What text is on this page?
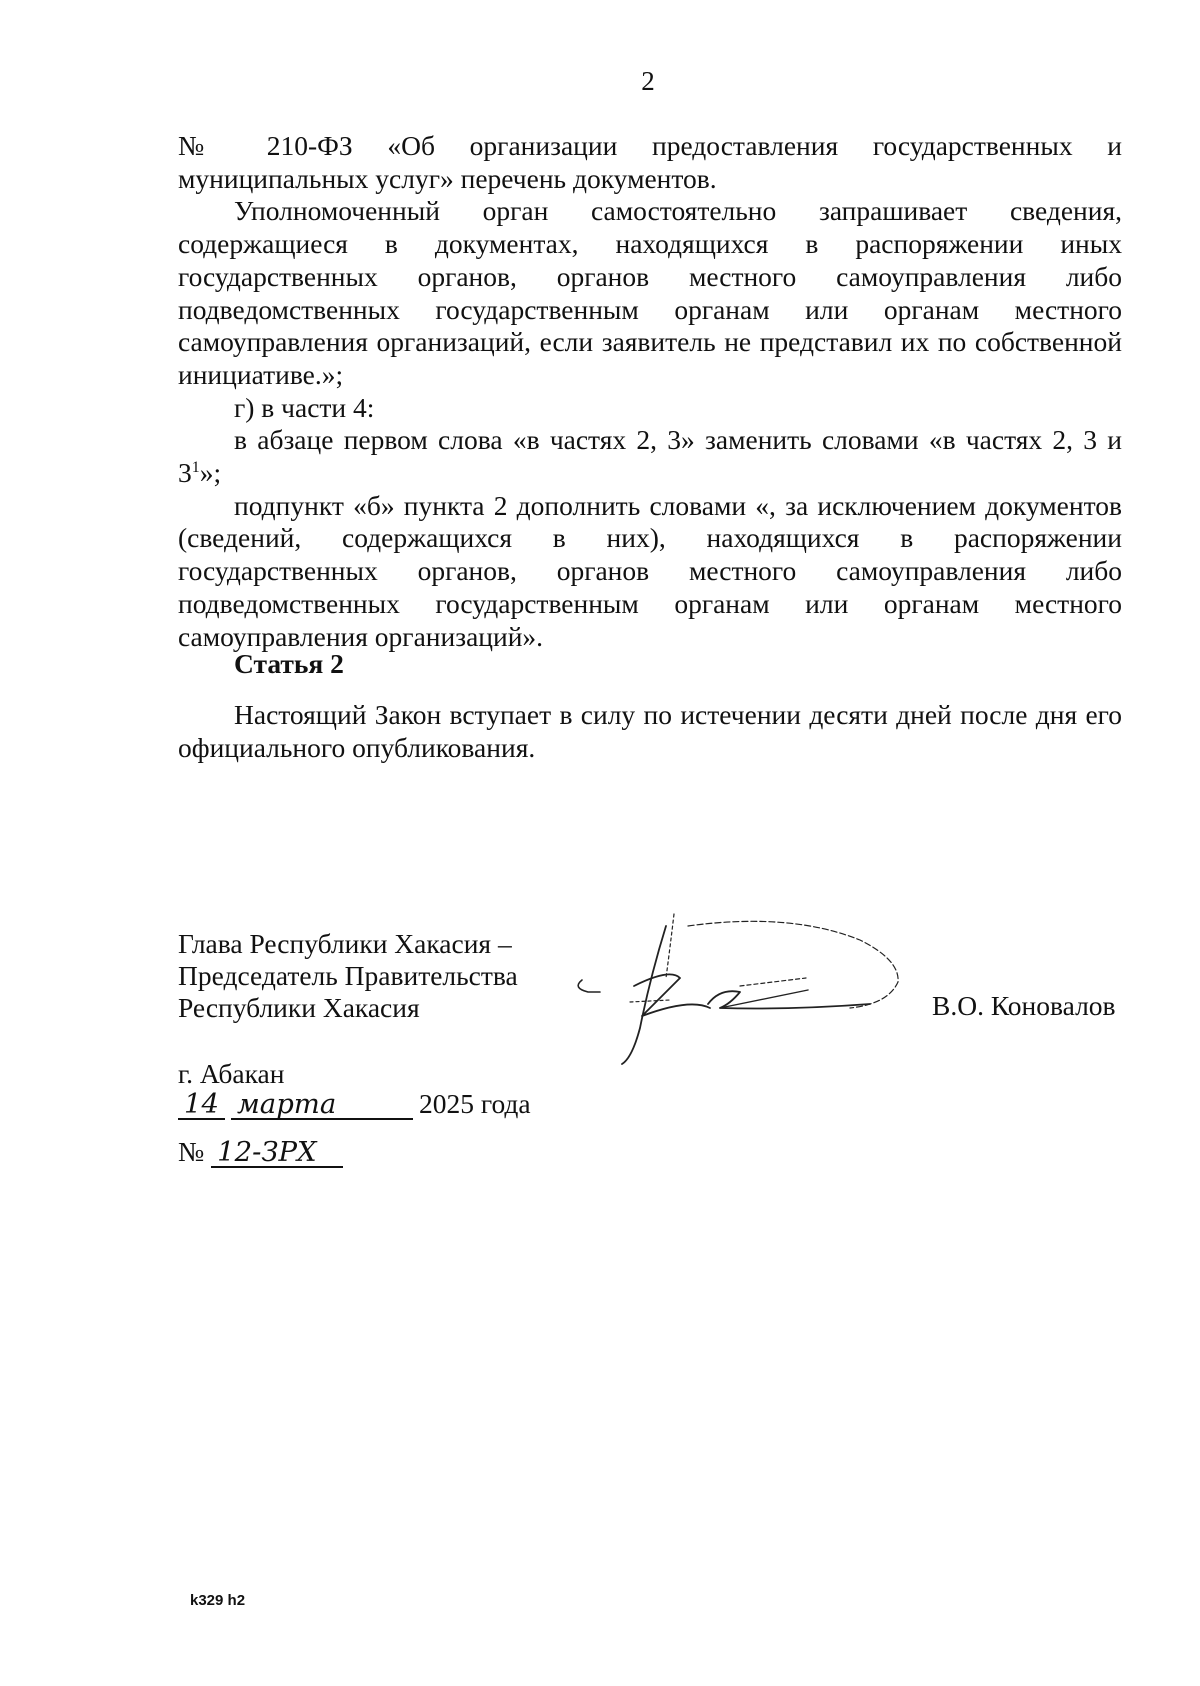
2

№ 210-ФЗ «Об организации предоставления государственных и муниципальных услуг» перечень документов.

Уполномоченный орган самостоятельно запрашивает сведения, содержащиеся в документах, находящихся в распоряжении иных государственных органов, органов местного самоуправления либо подведомственных государственным органам или органам местного самоуправления организаций, если заявитель не представил их по собственной инициативе.»;

г) в части 4:

в абзаце первом слова «в частях 2, 3» заменить словами «в частях 2, 3 и $3^1$»;

подпункт «б» пункта 2 дополнить словами «, за исключением документов (сведений, содержащихся в них), находящихся в распоряжении государственных органов, органов местного самоуправления либо подведомственных государственным органам или органам местного самоуправления организаций».

Статья 2

Настоящий Закон вступает в силу по истечении десяти дней после дня его официального опубликования.

Глава Республики Хакасия –
Председатель Правительства
Республики Хакасия	В.О. Коновалов
г. Абакан
14 марта	2025 года
№ 12-ЗРХ
k329 h2
